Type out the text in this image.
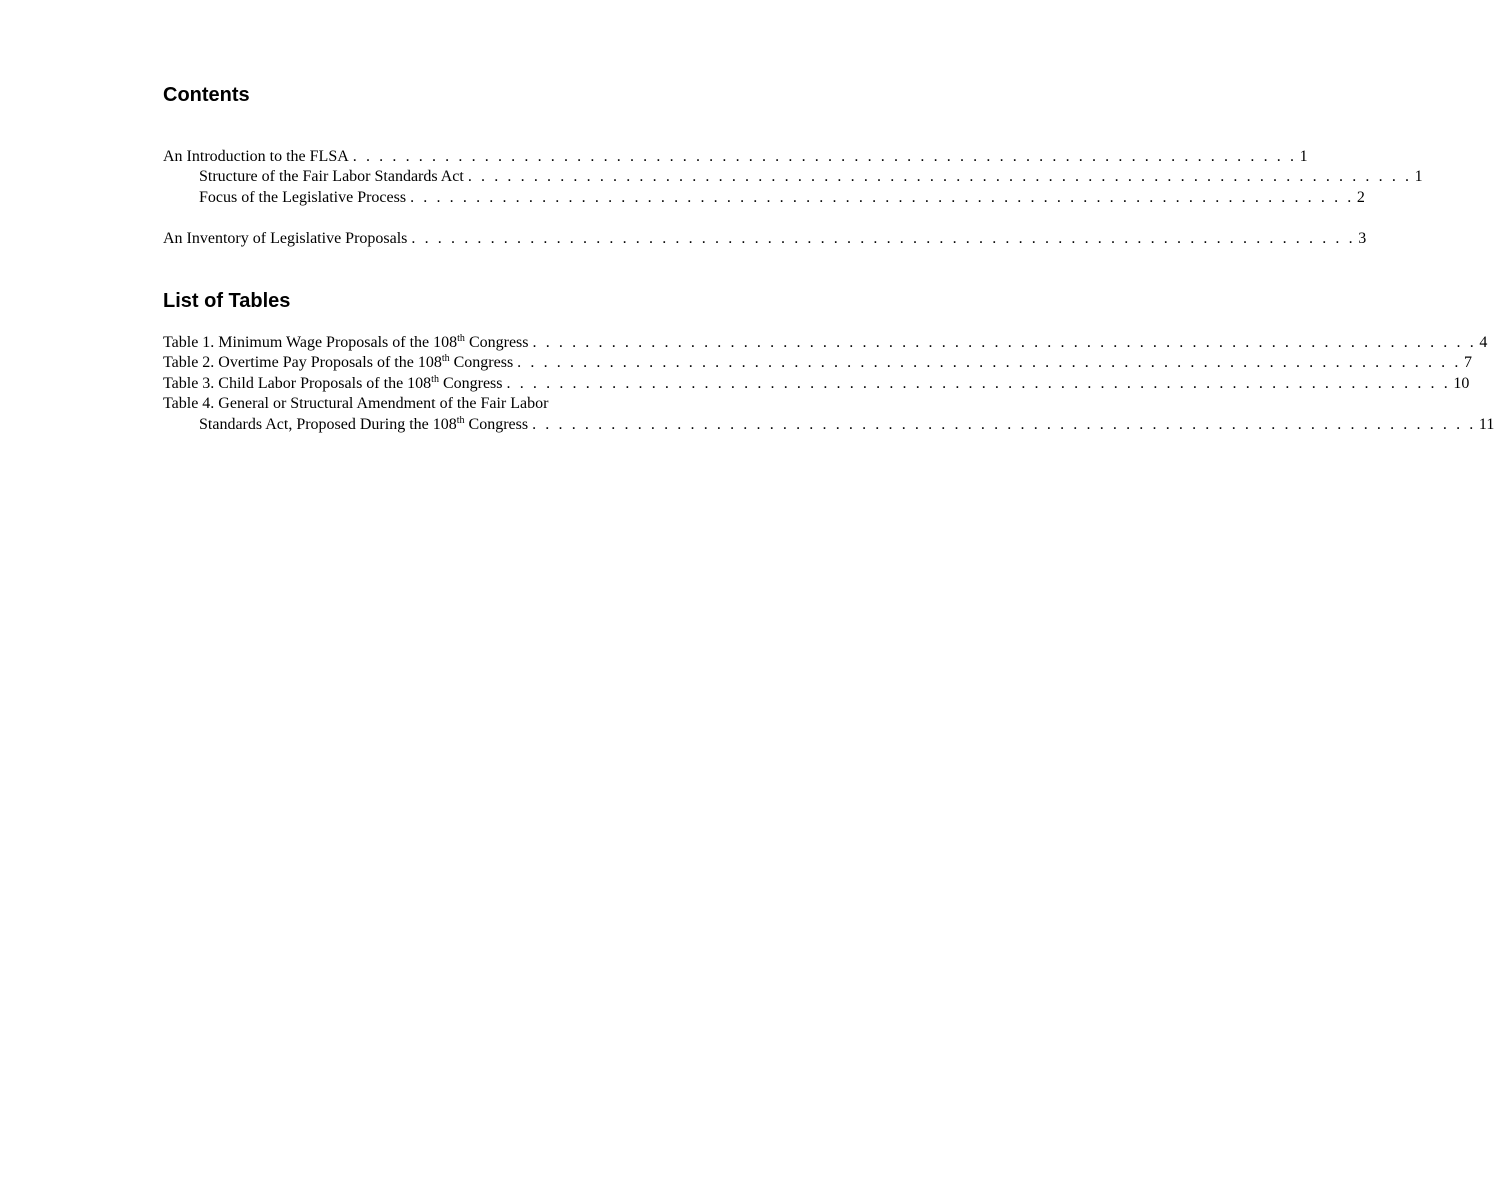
Contents
An Introduction to the FLSA . . . . . . . . . . . . . . . . . . . . . . . . . . . . . . . . . . . . . . . . . . . . . . . . . . . . . . . . . . . . . . . . . . . . . . . . 1
Structure of the Fair Labor Standards Act . . . . . . . . . . . . . . . . . . . . . . . . . . . . . . . . . . . . . . . . . . . . . . . . . . . . . . . . . . . . . . . . . . . . . . . . 1
Focus of the Legislative Process . . . . . . . . . . . . . . . . . . . . . . . . . . . . . . . . . . . . . . . . . . . . . . . . . . . . . . . . . . . . . . . . . . . . . . . . 2
An Inventory of Legislative Proposals . . . . . . . . . . . . . . . . . . . . . . . . . . . . . . . . . . . . . . . . . . . . . . . . . . . . . . . . . . . . . . . . . . . . . . . . 3
List of Tables
Table 1. Minimum Wage Proposals of the 108th Congress . . . . . . . . . . . . . . . . . . . . . . . . . . . . . . . . . . . . . . . . . . . . . . . . . . . . . . . . . . . . . . . . . . . . . . . . 4
Table 2. Overtime Pay Proposals of the 108th Congress . . . . . . . . . . . . . . . . . . . . . . . . . . . . . . . . . . . . . . . . . . . . . . . . . . . . . . . . . . . . . . . . . . . . . . . . 7
Table 3. Child Labor Proposals of the 108th Congress . . . . . . . . . . . . . . . . . . . . . . . . . . . . . . . . . . . . . . . . . . . . . . . . . . . . . . . . . . . . . . . . . . . . . . . . 10
Table 4. General or Structural Amendment of the Fair Labor
Standards Act, Proposed During the 108th Congress . . . . . . . . . . . . . . . . . . . . . . . . . . . . . . . . . . . . . . . . . . . . . . . . . . . . . . . . . . . . . . . . . . . . . . . . 11
